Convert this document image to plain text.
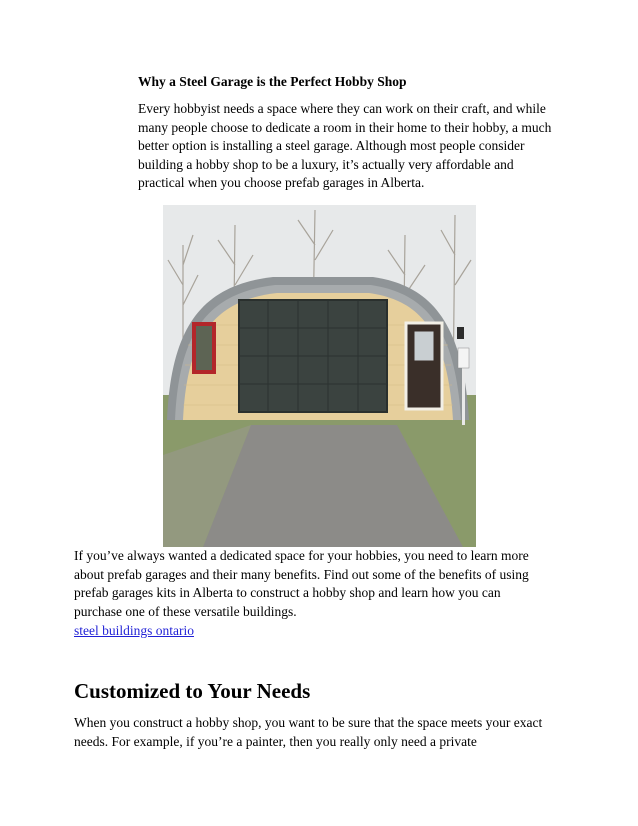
Why a Steel Garage is the Perfect Hobby Shop

Every hobbyist needs a space where they can work on their craft, and while many people choose to dedicate a room in their home to their hobby, a much better option is installing a steel garage. Although most people consider building a hobby shop to be a luxury, it’s actually very affordable and practical when you choose prefab garages in Alberta.

If you’ve always wanted a dedicated space for your hobbies, you need to learn more about prefab garages and their many benefits. Find out some of the benefits of using prefab garages kits in Alberta to construct a hobby shop and learn how you can purchase one of these versatile buildings.

steel buildings ontario
Customized to Your Needs

When you construct a hobby shop, you want to be sure that the space meets your exact needs. For example, if you’re a painter, then you really only need a private
